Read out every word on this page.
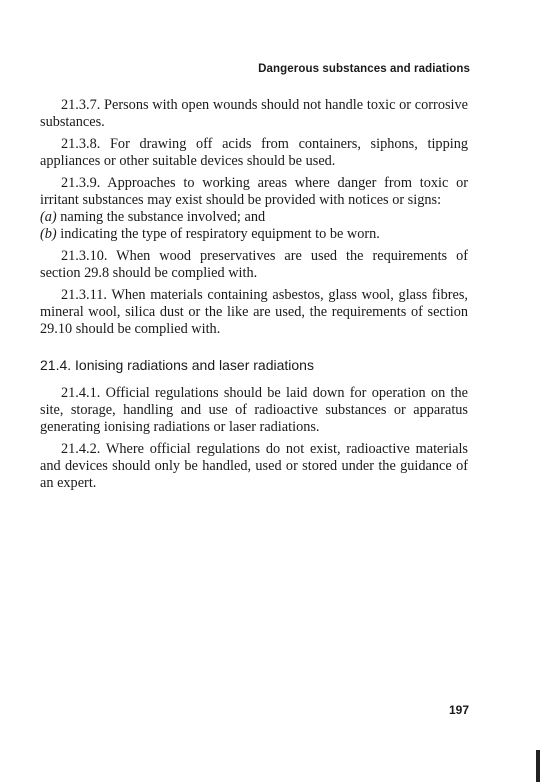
Dangerous substances and radiations

21.3.7. Persons with open wounds should not handle toxic or corrosive substances.

21.3.8. For drawing off acids from containers, siphons, tipping appliances or other suitable devices should be used.

21.3.9. Approaches to working areas where danger from toxic or irritant substances may exist should be provided with notices or signs:

(a) naming the substance involved; and

(b) indicating the type of respiratory equipment to be worn.

21.3.10. When wood preservatives are used the requirements of section 29.8 should be complied with.

21.3.11. When materials containing asbestos, glass wool, glass fibres, mineral wool, silica dust or the like are used, the requirements of section 29.10 should be complied with.

21.4. Ionising radiations and laser radiations

21.4.1. Official regulations should be laid down for operation on the site, storage, handling and use of radioactive substances or apparatus generating ionising radiations or laser radiations.

21.4.2. Where official regulations do not exist, radioactive materials and devices should only be handled, used or stored under the guidance of an expert.

197
